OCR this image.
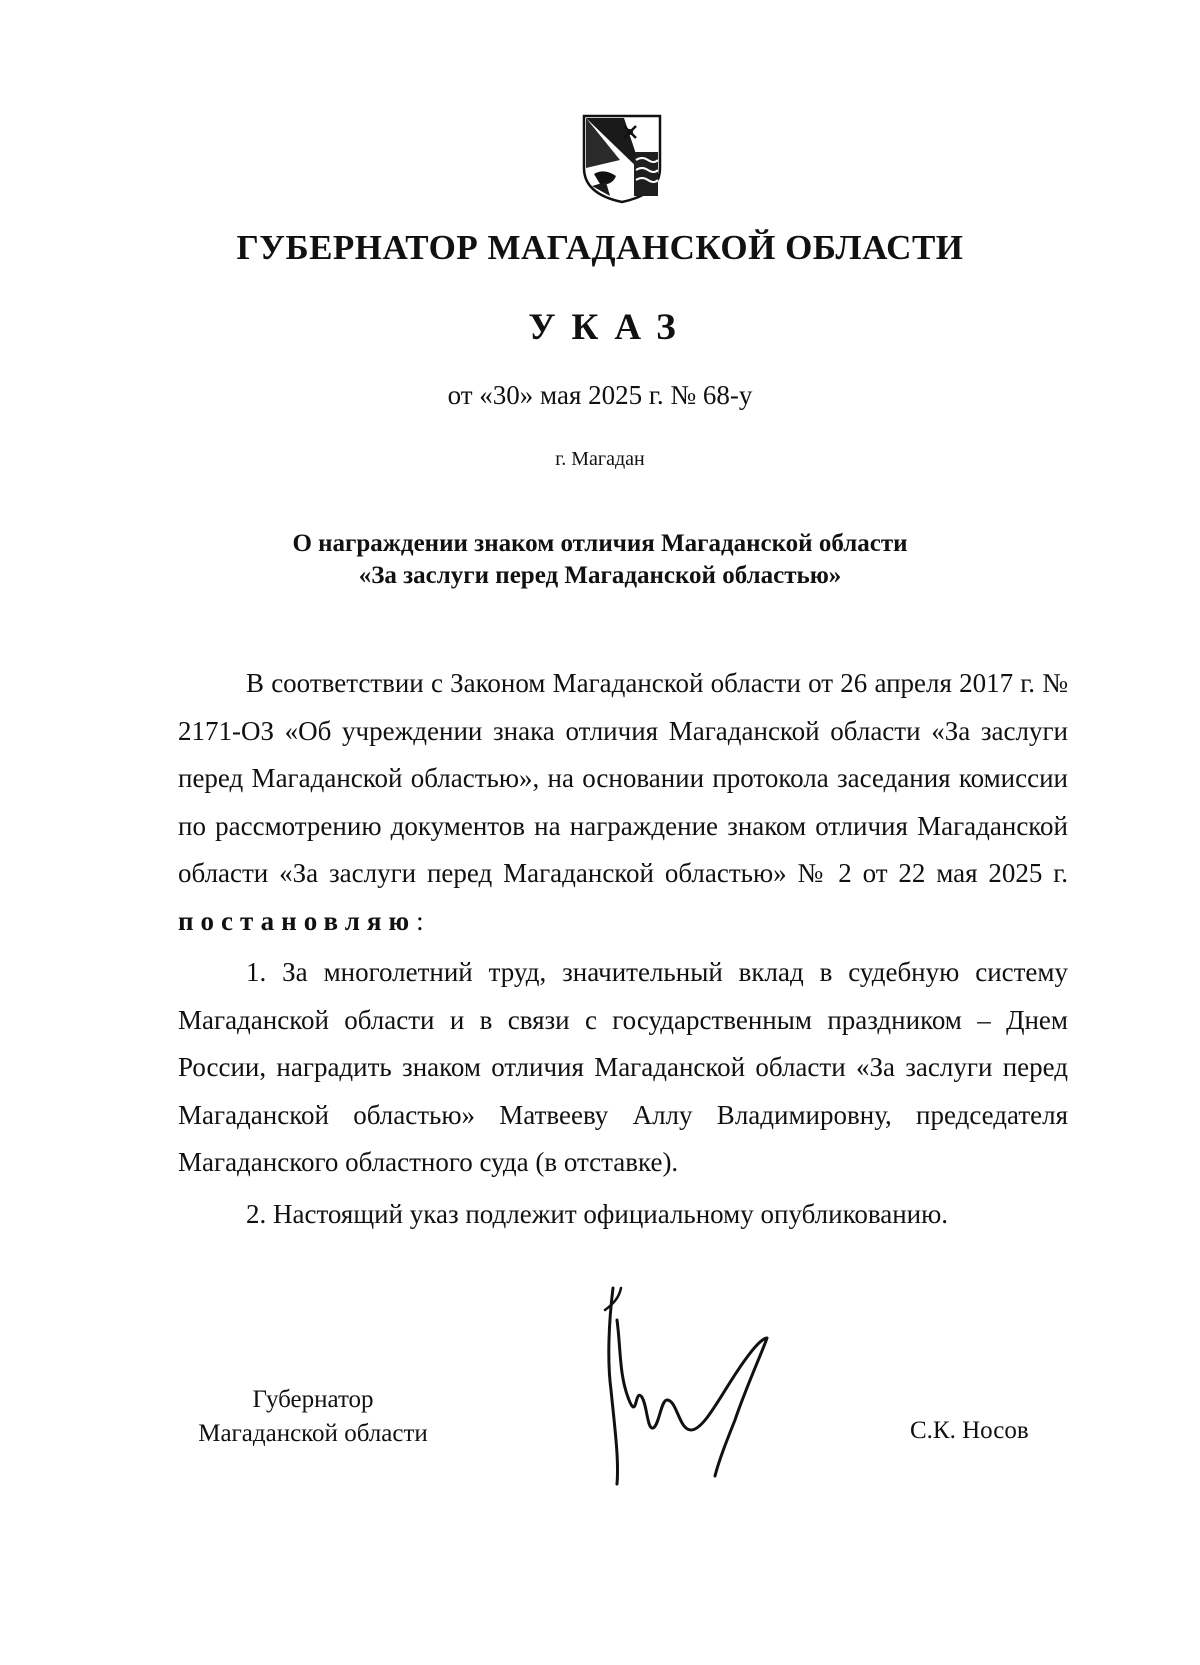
ГУБЕРНАТОР МАГАДАНСКОЙ ОБЛАСТИ
УКАЗ
от «30» мая 2025 г. № 68-у
г. Магадан
О награждении знаком отличия Магаданской области
«За заслуги перед Магаданской областью»

В соответствии с Законом Магаданской области от 26 апреля 2017 г. № 2171-ОЗ «Об учреждении знака отличия Магаданской области «За заслуги перед Магаданской областью», на основании протокола заседания комиссии по рассмотрению документов на награждение знаком отличия Магаданской области «За заслуги перед Магаданской областью» № 2 от 22 мая 2025 г. постановляю:

1. За многолетний труд, значительный вклад в судебную систему Магаданской области и в связи с государственным праздником – Днем России, наградить знаком отличия Магаданской области «За заслуги перед Магаданской областью» Матвееву Аллу Владимировну, председателя Магаданского областного суда (в отставке).

2. Настоящий указ подлежит официальному опубликованию.

Губернатор
Магаданской области	С.К. Носов
